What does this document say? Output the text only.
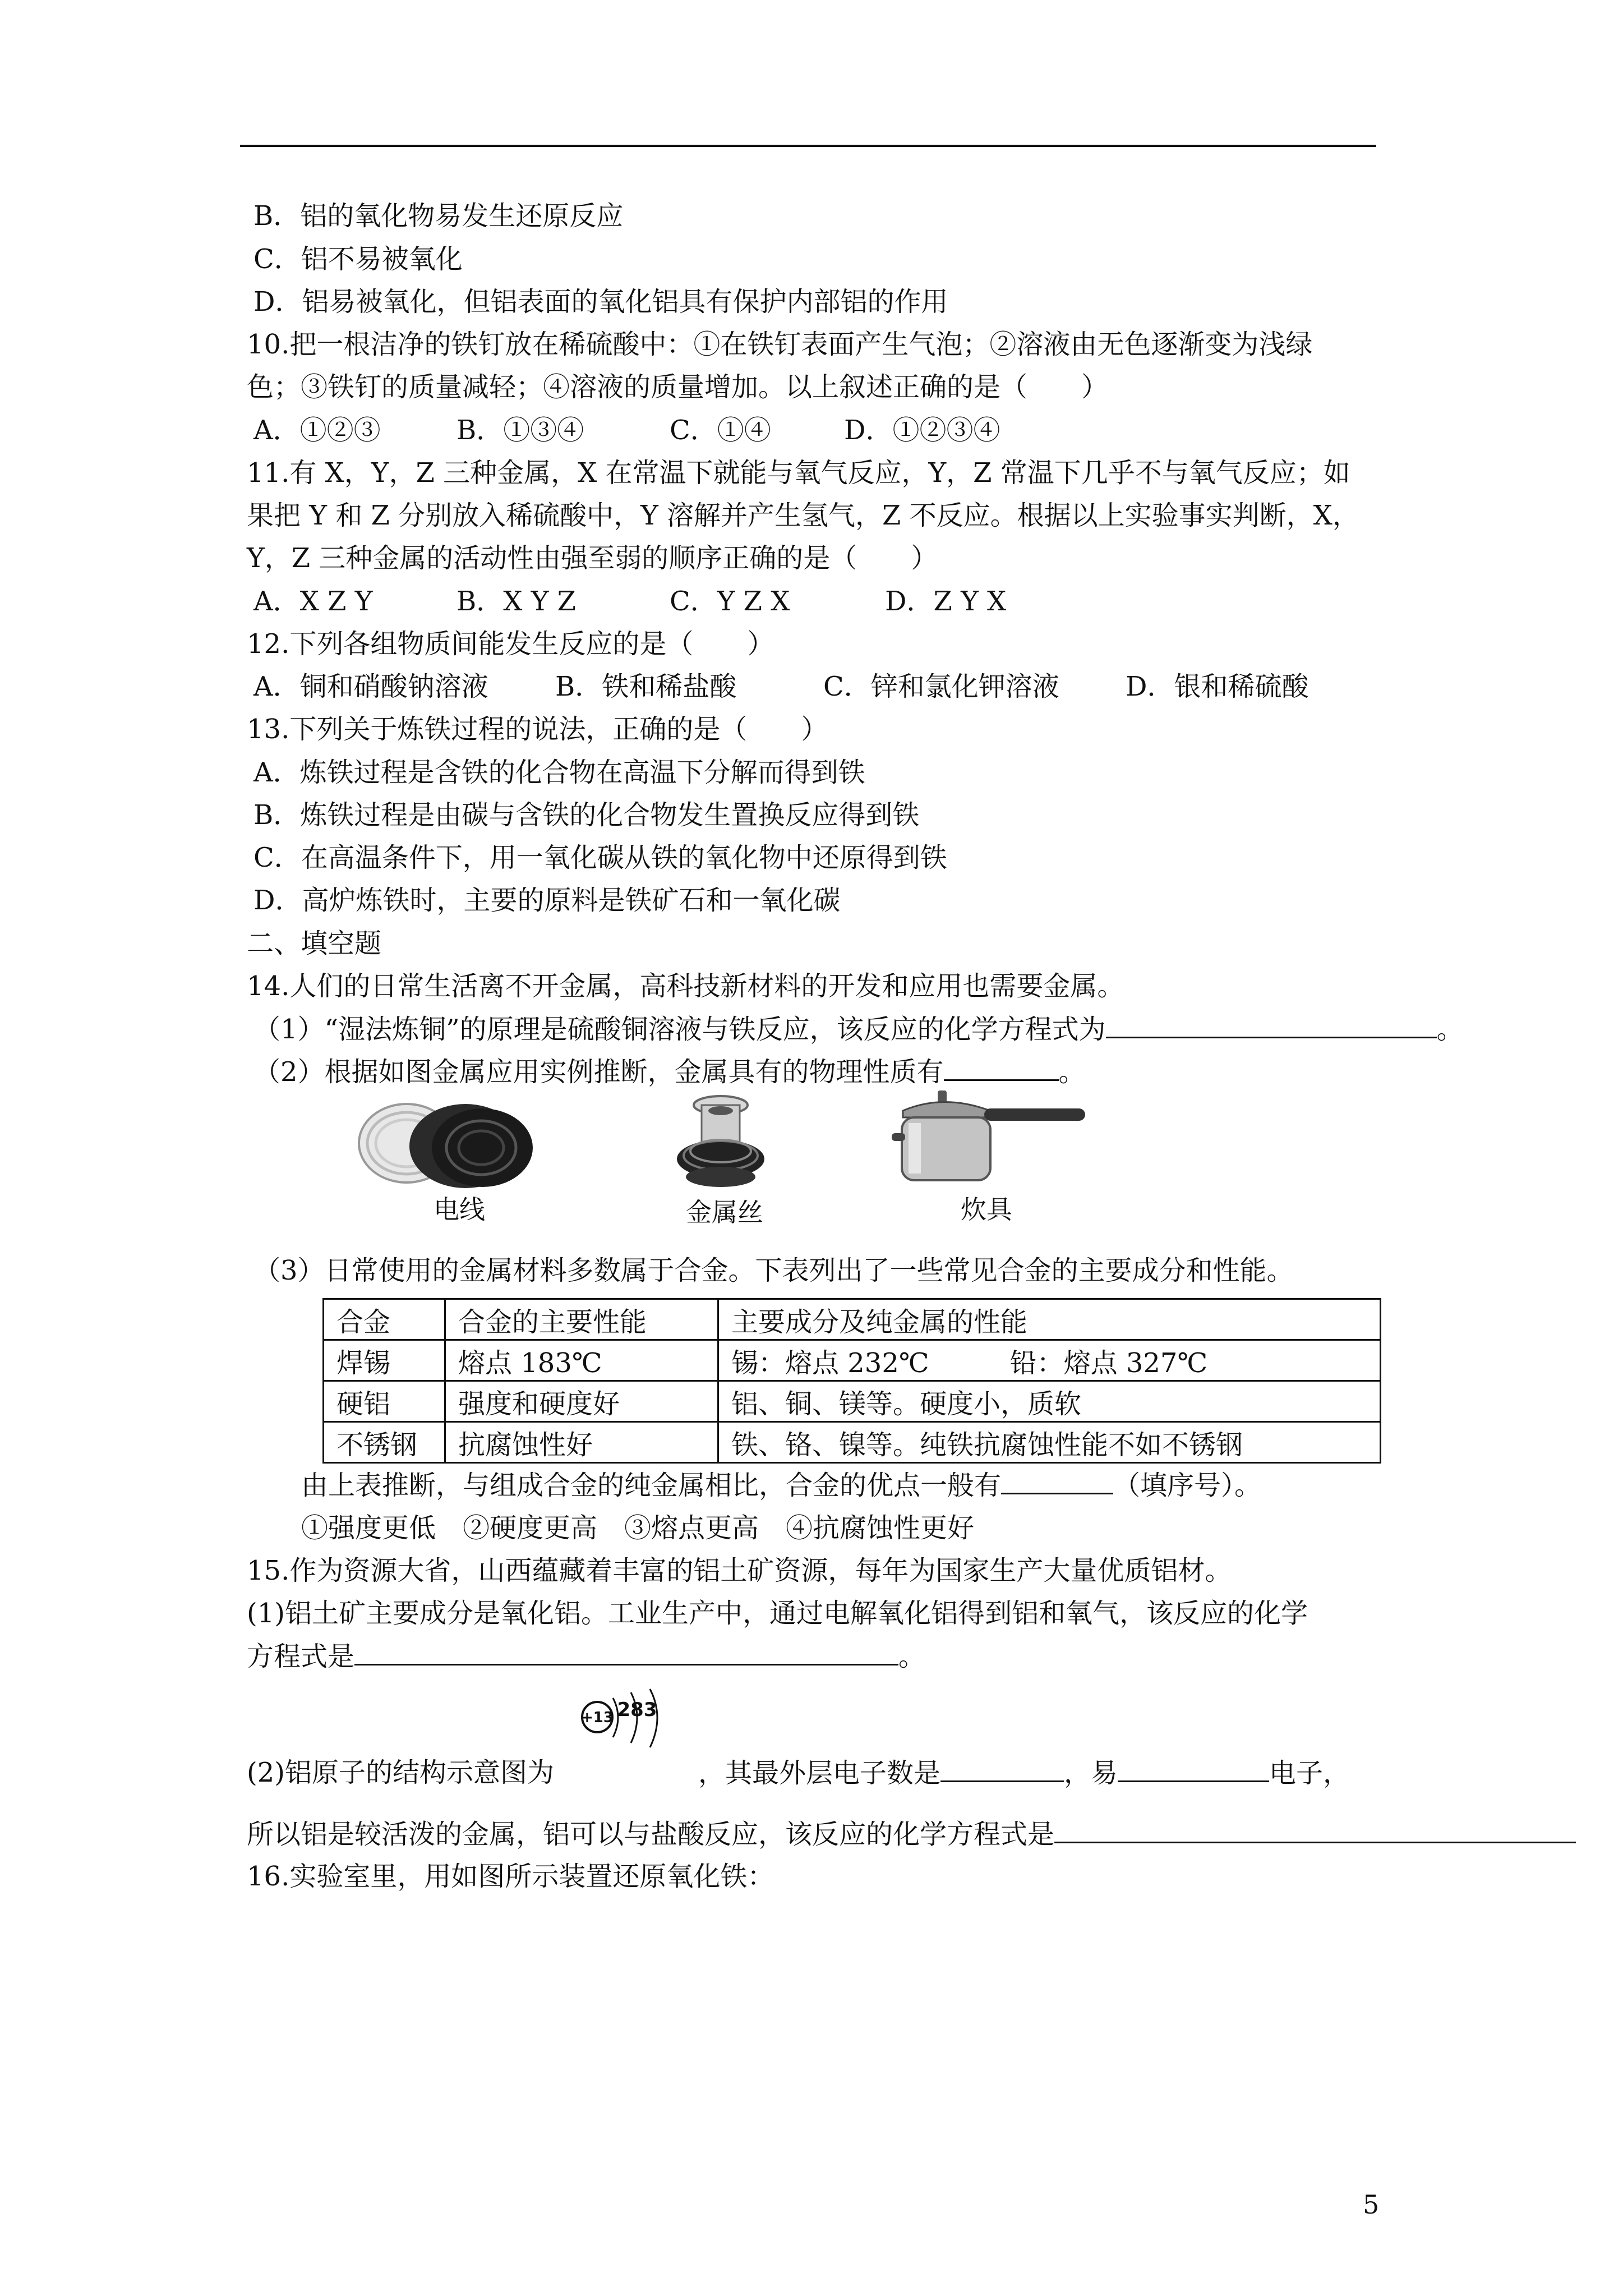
B．铝的氧化物易发生还原反应
C．铝不易被氧化
D．铝易被氧化，但铝表面的氧化铝具有保护内部铝的作用
10.把一根洁净的铁钉放在稀硫酸中：①在铁钉表面产生气泡；②溶液由无色逐渐变为浅绿
色；③铁钉的质量减轻；④溶液的质量增加。以上叙述正确的是（　　）
A．①②③	B．①③④	C．①④	D．①②③④
11.有 X，Y，Z 三种金属，X 在常温下就能与氧气反应，Y，Z 常温下几乎不与氧气反应；如
果把 Y 和 Z 分别放入稀硫酸中，Y 溶解并产生氢气，Z 不反应。根据以上实验事实判断，X，
Y，Z 三种金属的活动性由强至弱的顺序正确的是（　　）
A．X Z Y	B．X Y Z	C．Y Z X	D．Z Y X
12.下列各组物质间能发生反应的是（　　）
A．铜和硝酸钠溶液 B．铁和稀盐酸	C．锌和氯化钾溶液 D．银和稀硫酸
13.下列关于炼铁过程的说法，正确的是（　　）
A．炼铁过程是含铁的化合物在高温下分解而得到铁
B．炼铁过程是由碳与含铁的化合物发生置换反应得到铁
C．在高温条件下，用一氧化碳从铁的氧化物中还原得到铁
D．高炉炼铁时，主要的原料是铁矿石和一氧化碳
二、填空题
14.人们的日常生活离不开金属，高科技新材料的开发和应用也需要金属。
（1）“湿法炼铜”的原理是硫酸铜溶液与铁反应，该反应的化学方程式为	。
（2）根据如图金属应用实例推断，金属具有的物理性质有	。
电线	金属丝	炊具
（3）日常使用的金属材料多数属于合金。下表列出了一些常见合金的主要成分和性能。
合金	合金的主要性能	主要成分及纯金属的性能
焊锡	熔点 183℃	锡：熔点 232℃　　　铅：熔点 327℃
硬铝	强度和硬度好	铝、铜、镁等。硬度小，质软
不锈钢	抗腐蚀性好	铁、铬、镍等。纯铁抗腐蚀性能不如不锈钢
由上表推断，与组成合金的纯金属相比，合金的优点一般有	（填序号）。
①强度更低　②硬度更高　③熔点更高　④抗腐蚀性更好
15.作为资源大省，山西蕴藏着丰富的铝土矿资源，每年为国家生产大量优质铝材。
(1)铝土矿主要成分是氧化铝。工业生产中，通过电解氧化铝得到铝和氧气，该反应的化学
方程式是	。
(2)铝原子的结构示意图为
+13 283
，其最外层电子数是	，易	电子，
所以铝是较活泼的金属，铝可以与盐酸反应，该反应的化学方程式是
16.实验室里，用如图所示装置还原氧化铁：
5
